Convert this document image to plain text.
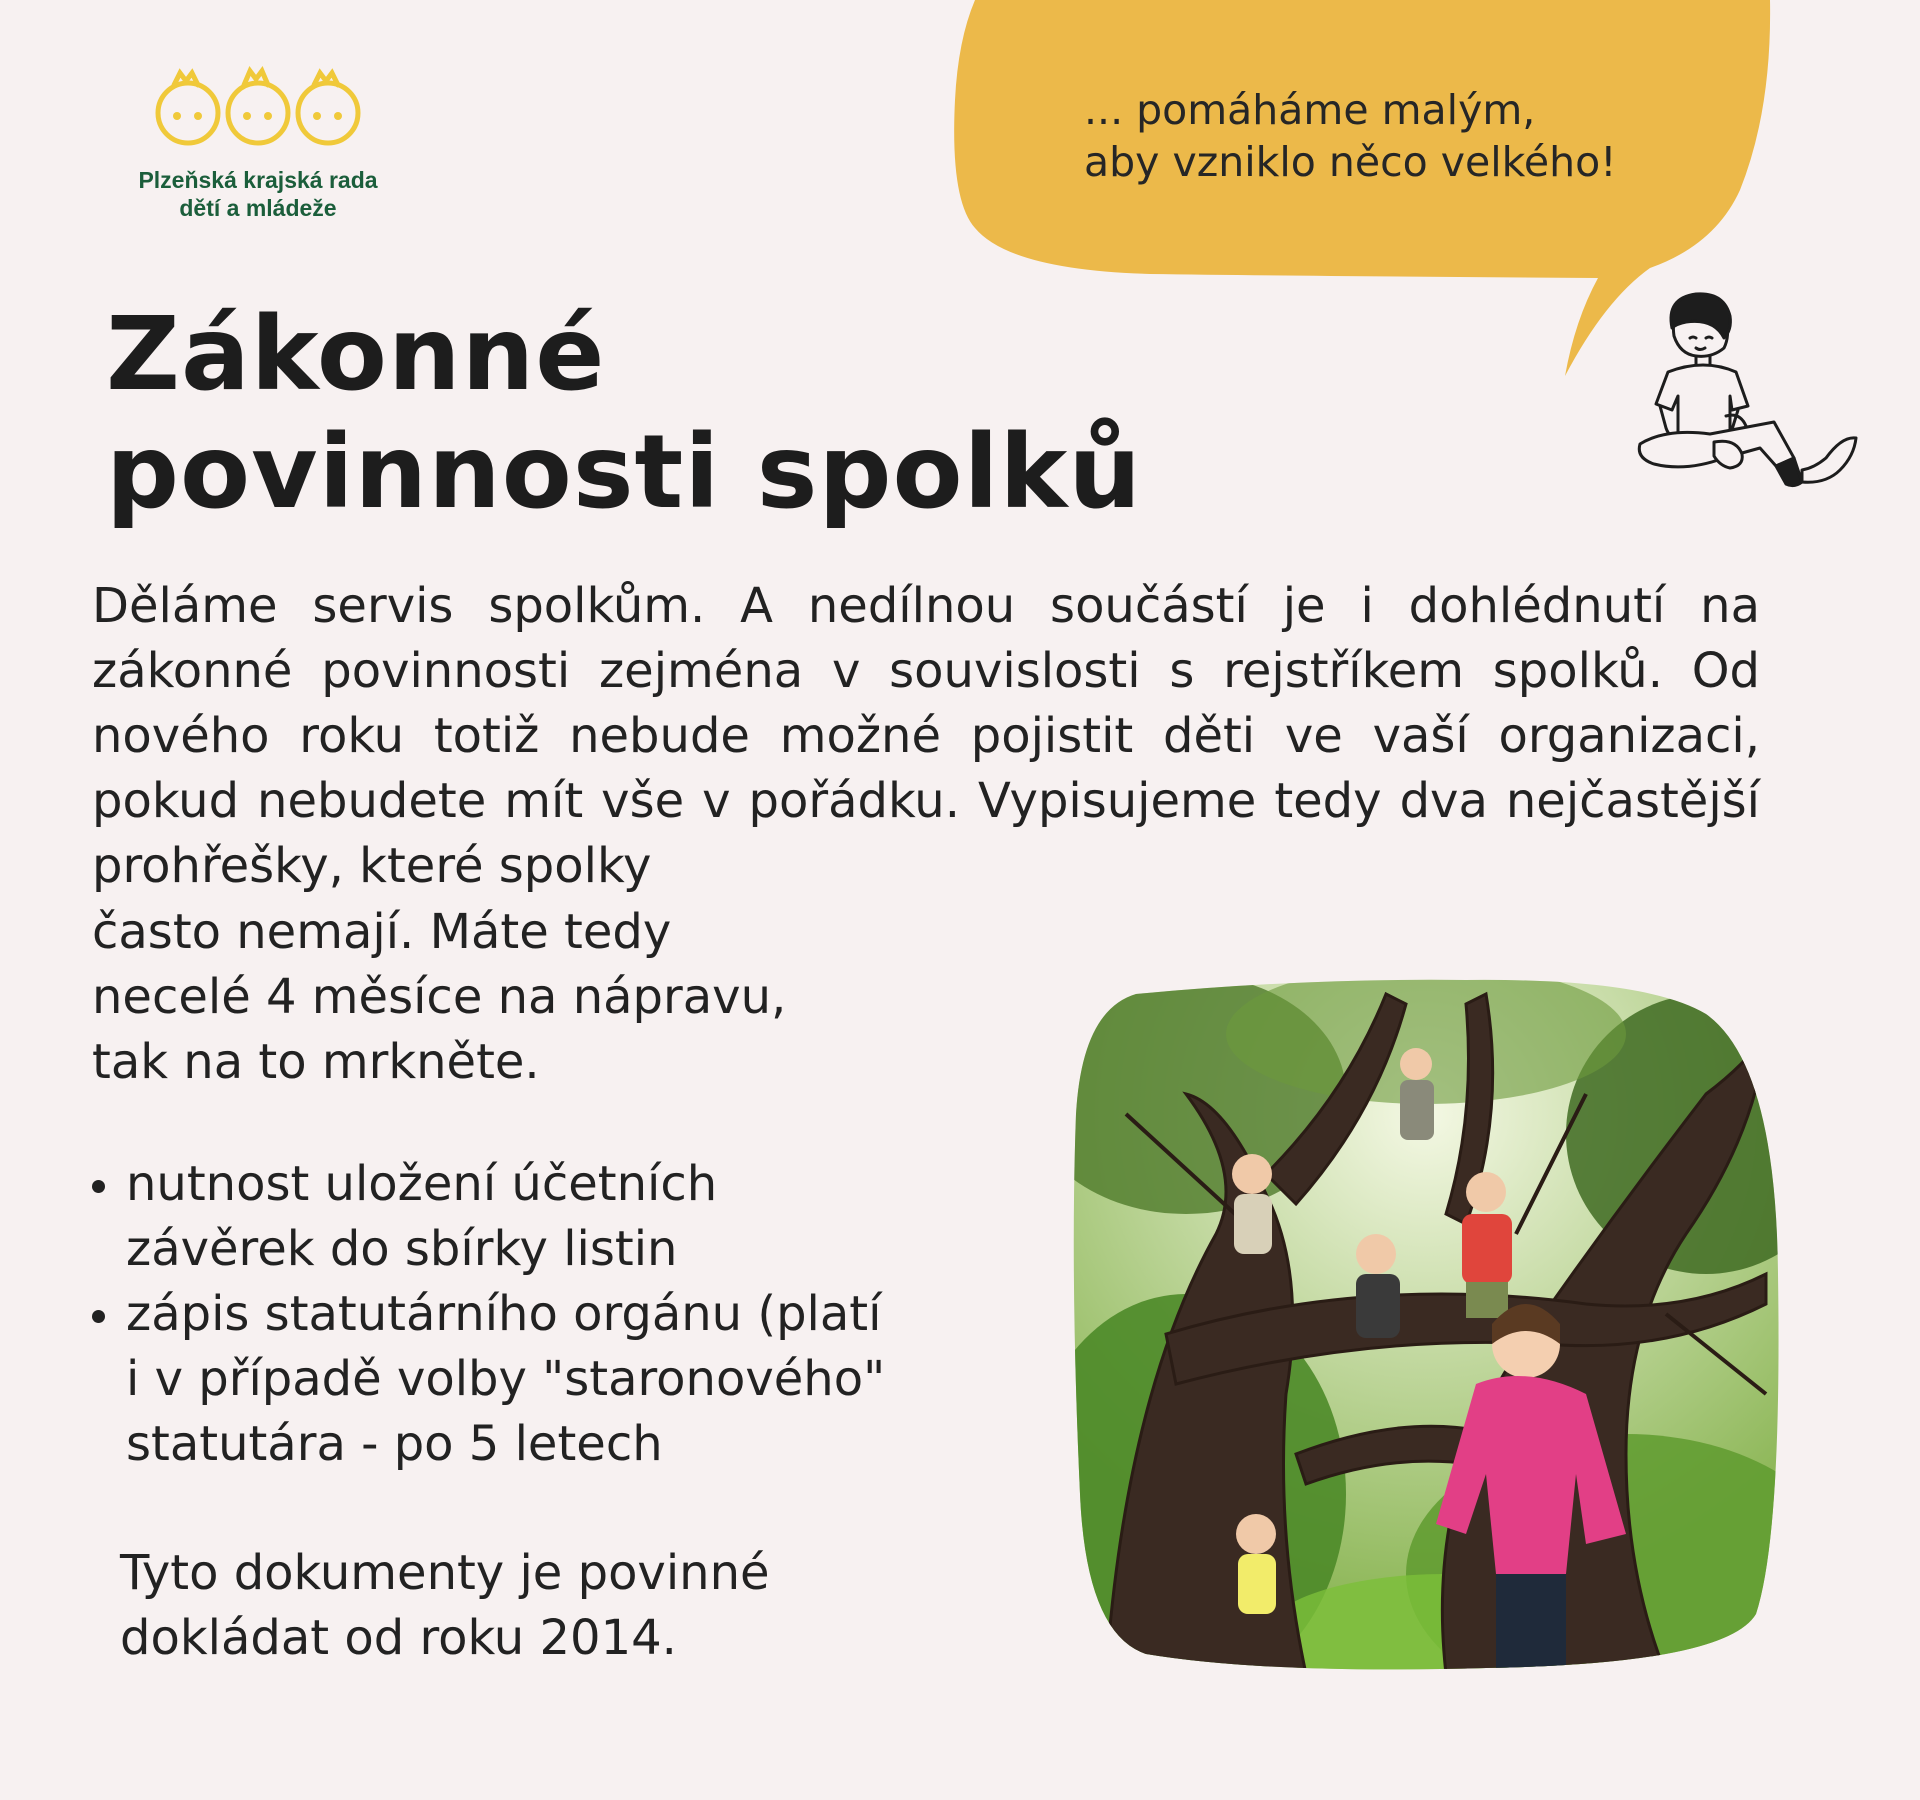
Plzeňská krajská rada
dětí a mládeže
... pomáháme malým,
aby vzniklo něco velkého!
Zákonné
povinnosti spolků

Děláme servis spolkům. A nedílnou součástí je i dohlédnutí na zákonné povinnosti zejména v souvislosti s rejstříkem spolků. Od nového roku totiž nebude možné pojistit děti ve vaší organizaci, pokud nebudete mít vše v pořádku. Vypisujeme tedy dva nejčastější prohřešky, které spolky

často nemají. Máte tedy
necelé 4 měsíce na nápravu,
tak na to mrkněte.
nutnost uložení účetních
závěrek do sbírky listin
zápis statutárního orgánu (platí
i v případě volby "staronového"
statutára - po 5 letech
Tyto dokumenty je povinné
dokládat od roku 2014.
